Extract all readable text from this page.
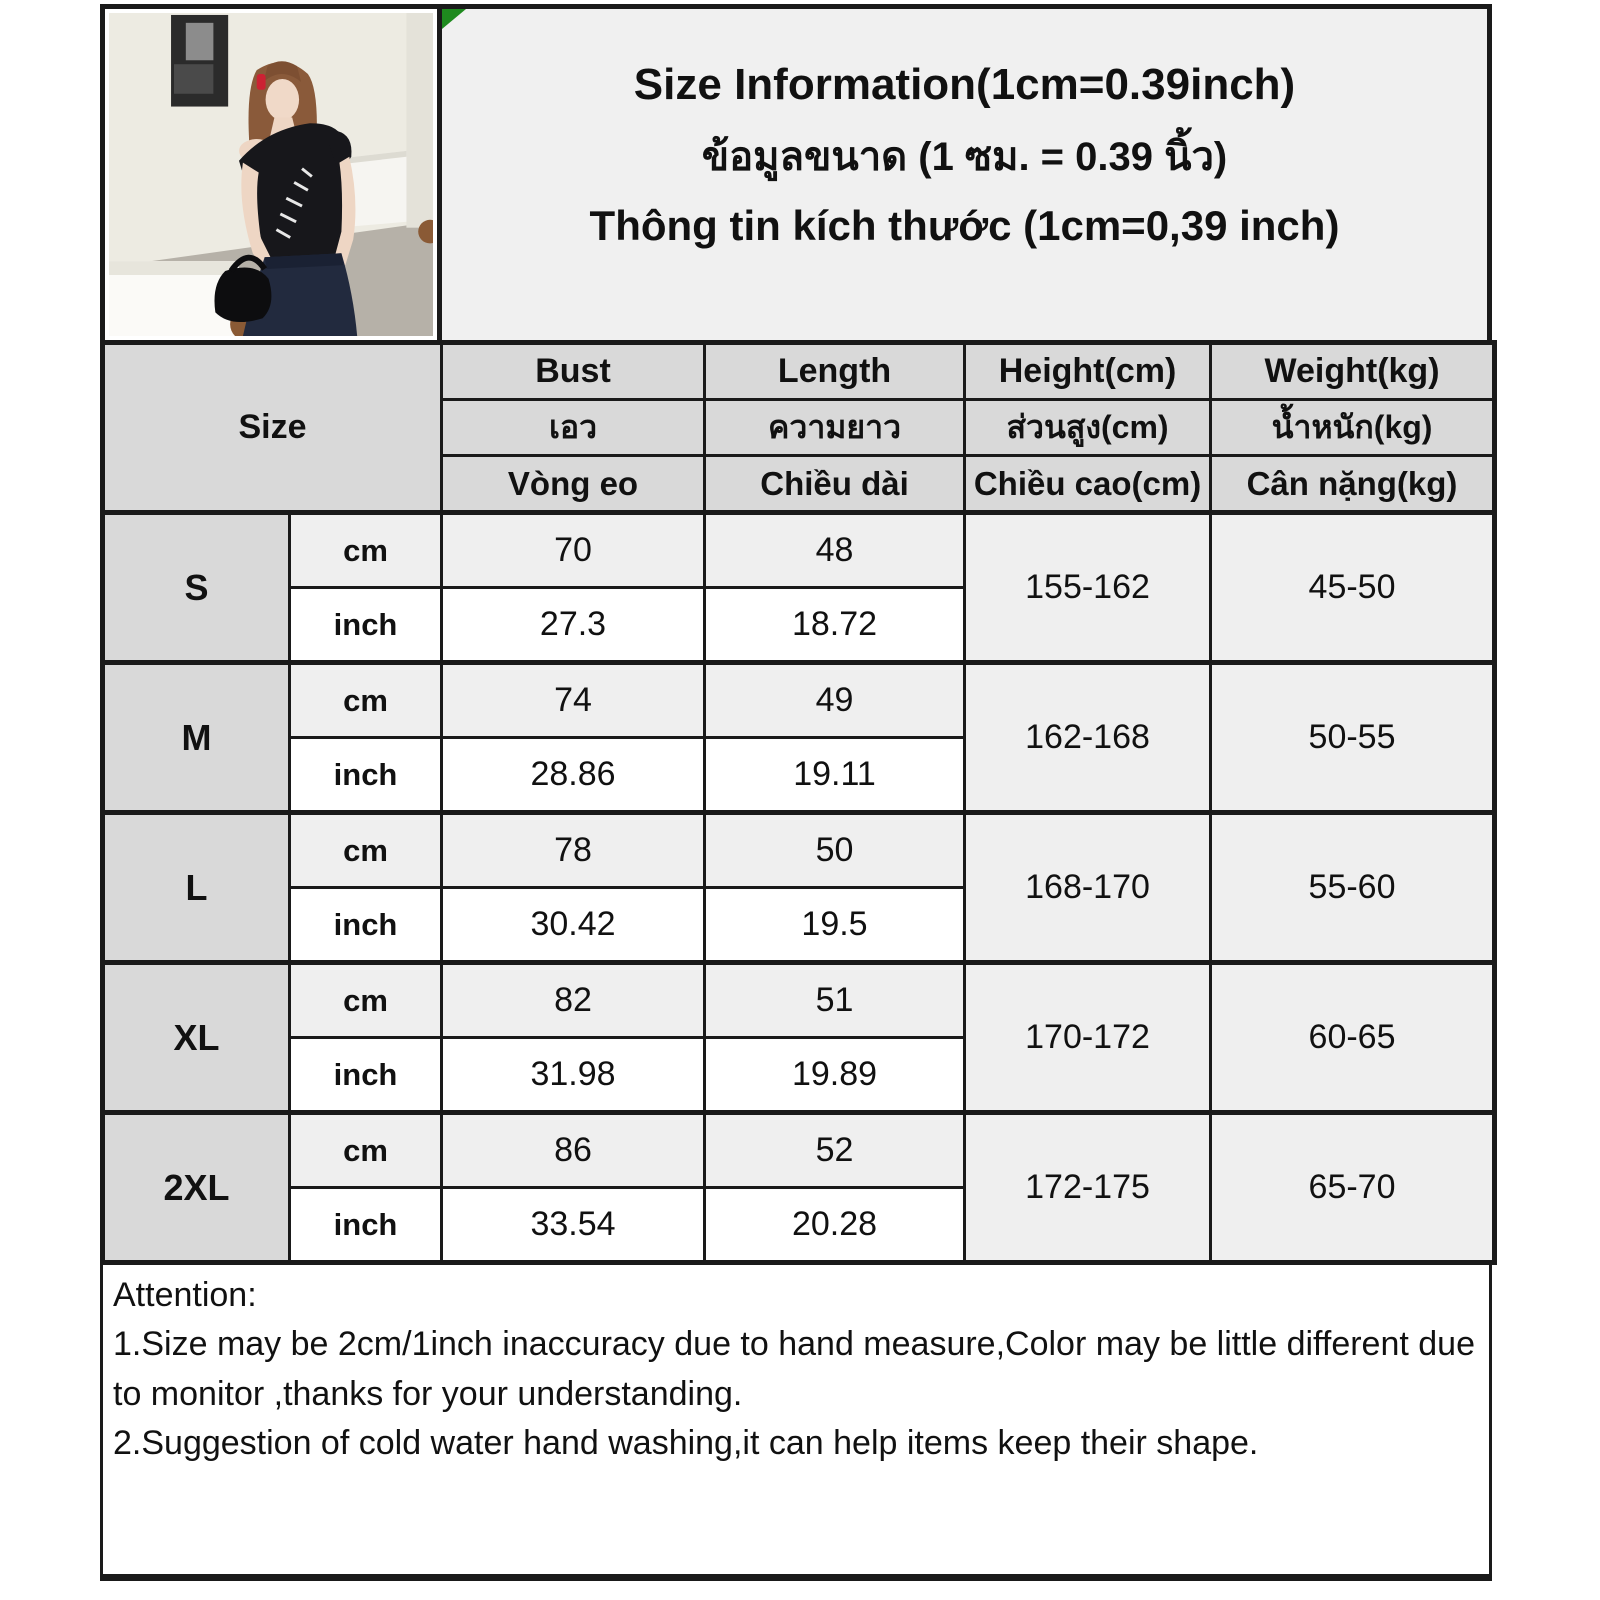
Size Information(1cm=0.39inch)
ข้อมูลขนาด (1 ซม. = 0.39 นิ้ว)
Thông tin kích thước (1cm=0,39 inch)
Size		Bust	Length	Height(cm)	Weight(kg)
		เอว	ความยาว	ส่วนสูง(cm)	น้ำหนัก(kg)
		Vòng eo	Chiều dài	Chiều cao(cm)	Cân nặng(kg)
S	cm	70	48	155-162	45-50
	inch	27.3	18.72		
M	cm	74	49	162-168	50-55
	inch	28.86	19.11		
L	cm	78	50	168-170	55-60
	inch	30.42	19.5		
XL	cm	82	51	170-172	60-65
	inch	31.98	19.89		
2XL	cm	86	52	172-175	65-70
	inch	33.54	20.28		

Attention:

1.Size may be 2cm/1inch inaccuracy due to hand measure,Color may be little different due to monitor ,thanks for your understanding.

2.Suggestion of cold water hand washing,it can help items keep their shape.
